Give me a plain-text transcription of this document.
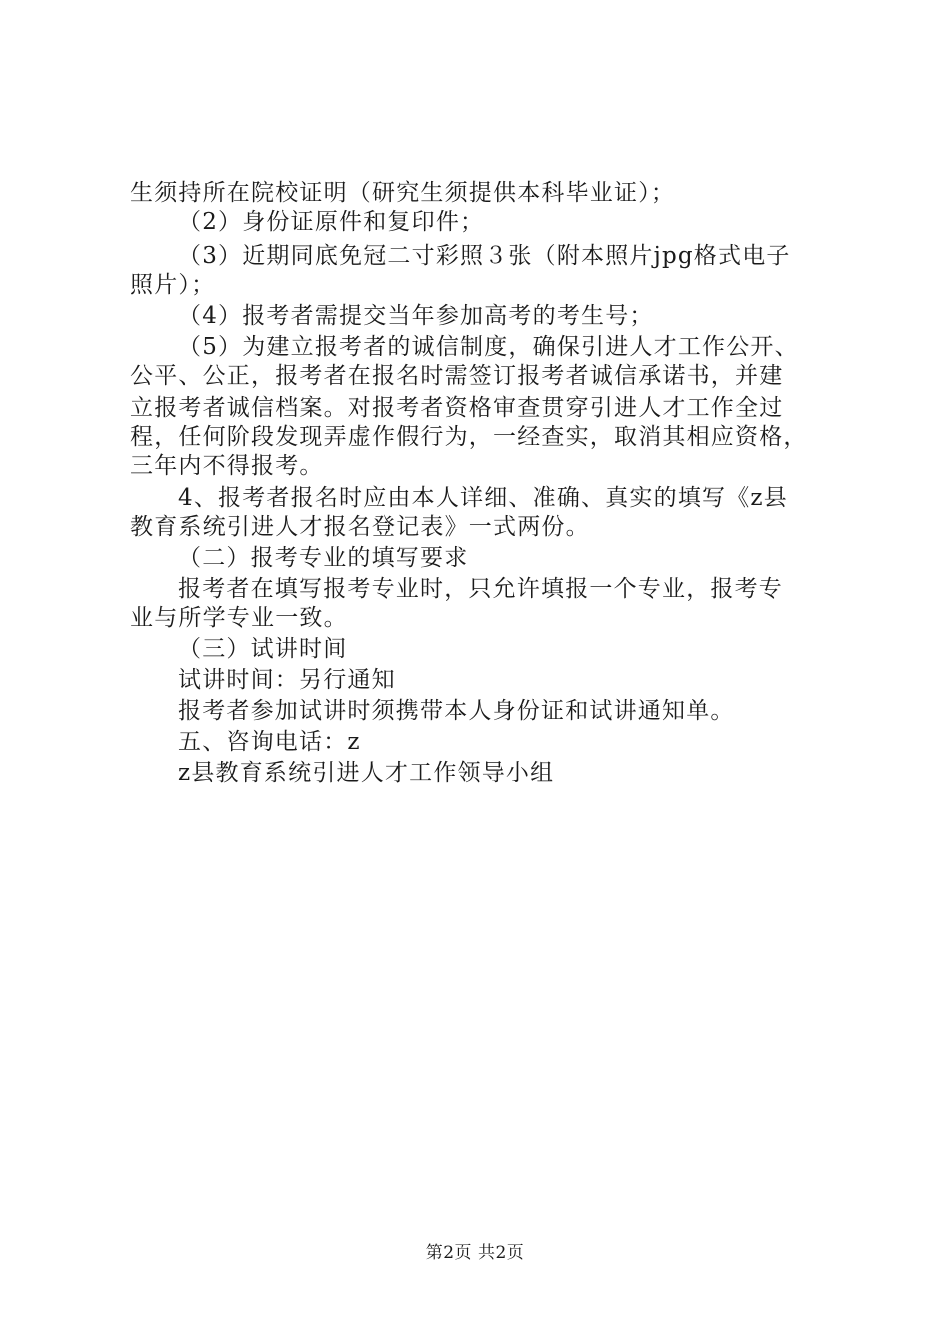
生须持所在院校证明（研究生须提供本科毕业证）；
（2）身份证原件和复印件；
（3）近期同底免冠二寸彩照３张（附本照片jpg格式电子
照片）；
（4）报考者需提交当年参加高考的考生号；
（5）为建立报考者的诚信制度，确保引进人才工作公开、
公平、公正，报考者在报名时需签订报考者诚信承诺书，并建
立报考者诚信档案。对报考者资格审查贯穿引进人才工作全过
程，任何阶段发现弄虚作假行为，一经查实，取消其相应资格，
三年内不得报考。
4、报考者报名时应由本人详细、准确、真实的填写《z县
教育系统引进人才报名登记表》一式两份。
（二）报考专业的填写要求
报考者在填写报考专业时，只允许填报一个专业，报考专
业与所学专业一致。
（三）试讲时间
试讲时间：另行通知
报考者参加试讲时须携带本人身份证和试讲通知单。
五、咨询电话：z
z县教育系统引进人才工作领导小组
第2页 共2页
